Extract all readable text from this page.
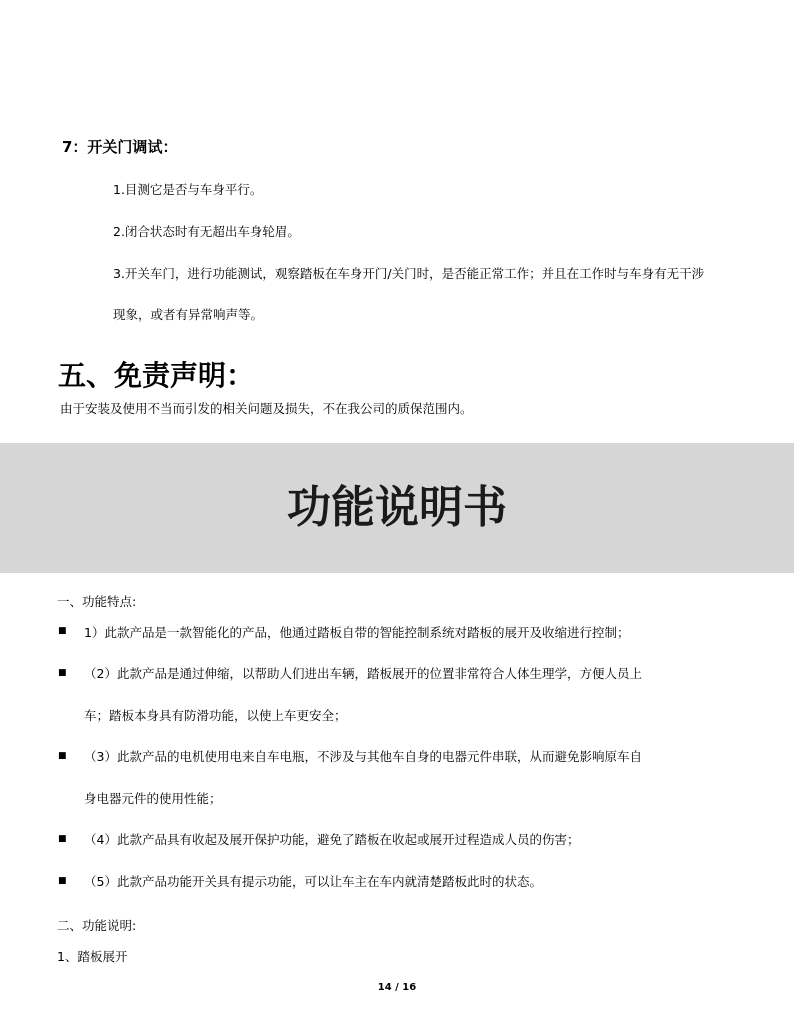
7：开关门调试：
1.目测它是否与车身平行。
2.闭合状态时有无超出车身轮眉。
3.开关车门，进行功能测试，观察踏板在车身开门/关门时，是否能正常工作；并且在工作时与车身有无干涉
现象，或者有异常响声等。
五、免责声明：
由于安装及使用不当而引发的相关问题及损失，不在我公司的质保范围内。
功能说明书
一、功能特点:
■ 1）此款产品是一款智能化的产品，他通过踏板自带的智能控制系统对踏板的展开及收缩进行控制；
■ （2）此款产品是通过伸缩，以帮助人们进出车辆，踏板展开的位置非常符合人体生理学，方便人员上
车；踏板本身具有防滑功能，以使上车更安全；
■ （3）此款产品的电机使用电来自车电瓶，不涉及与其他车自身的电器元件串联，从而避免影响原车自
身电器元件的使用性能；
■ （4）此款产品具有收起及展开保护功能，避免了踏板在收起或展开过程造成人员的伤害；
■ （5）此款产品功能开关具有提示功能，可以让车主在车内就清楚踏板此时的状态。
二、功能说明:
1、踏板展开
14 / 16
